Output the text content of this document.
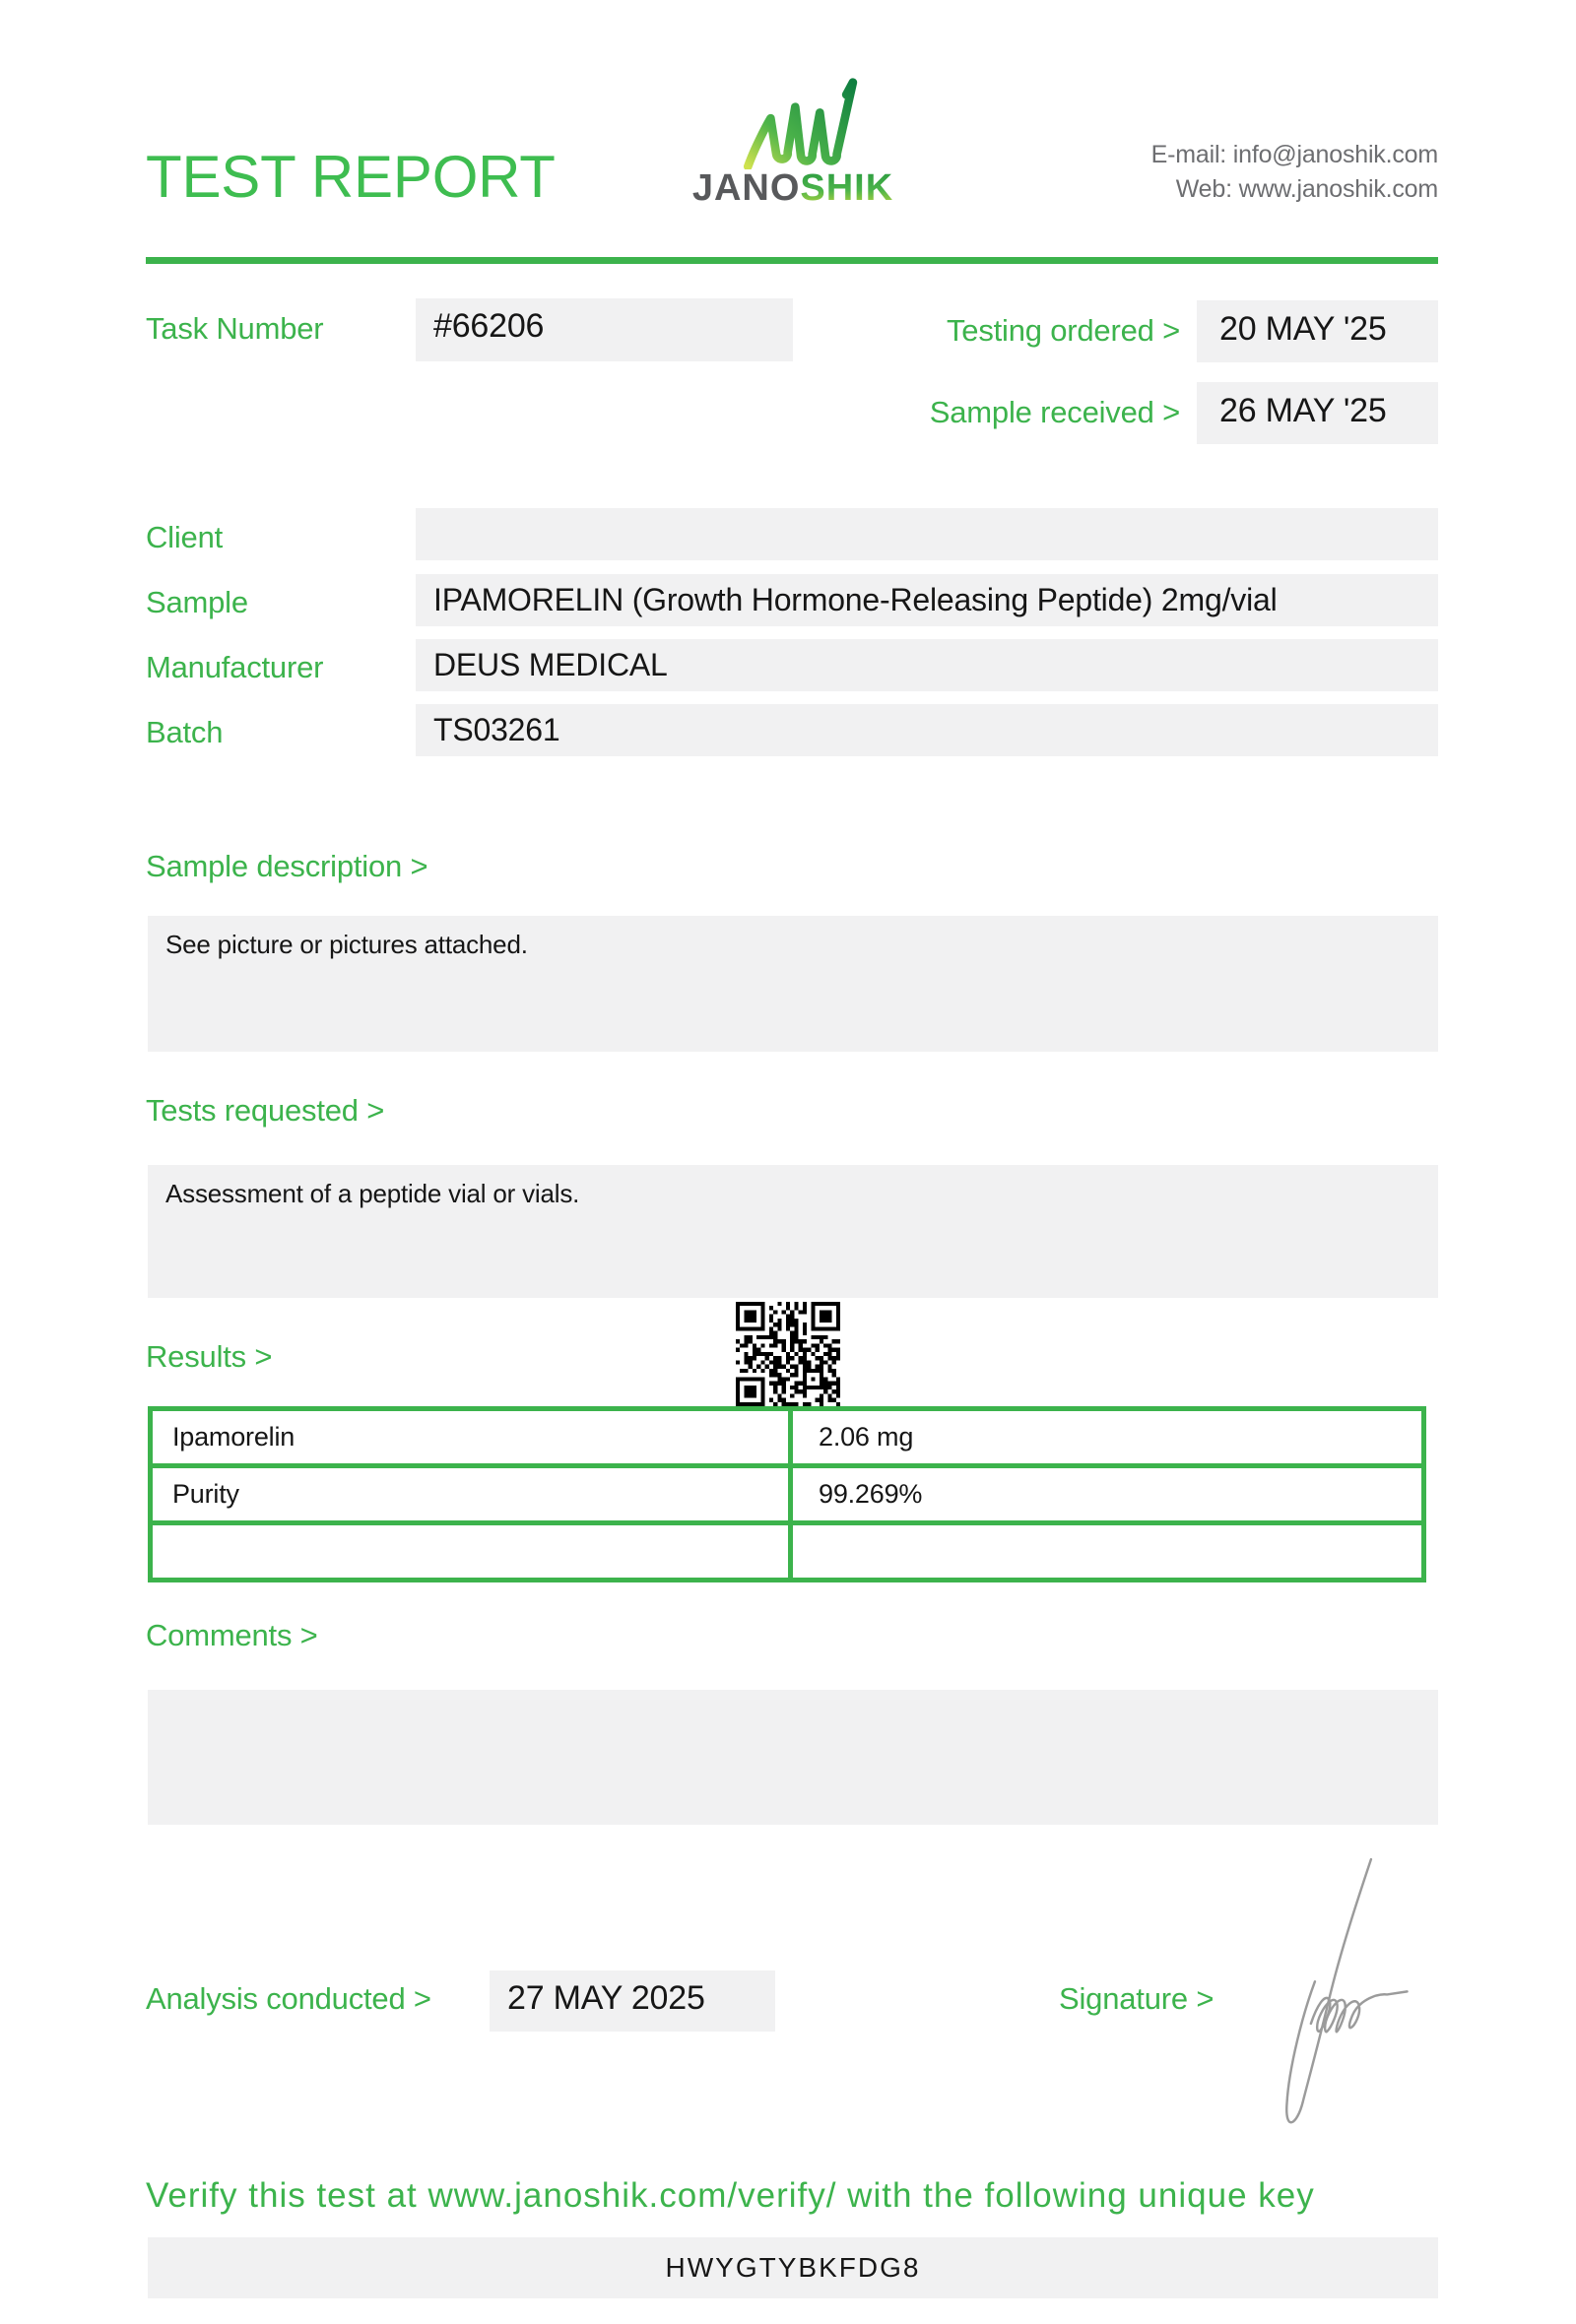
TEST REPORT	JANOSHIK
E-mail: info@janoshik.com
Web: www.janoshik.com
Task Number	#66206	Testing ordered > 20 MAY '25
Sample received > 26 MAY '25
Client
Sample	IPAMORELIN (Growth Hormone-Releasing Peptide) 2mg/vial
Manufacturer	DEUS MEDICAL
Batch	TS03261
Sample description >
See picture or pictures attached.
Tests requested >
Assessment of a peptide vial or vials.
Results >
Ipamorelin	2.06 mg
Purity	99.269%

Comments >
Analysis conducted > 27 MAY 2025	Signature >
Verify this test at www.janoshik.com/verify/ with the following unique key
HWYGTYBKFDG8
